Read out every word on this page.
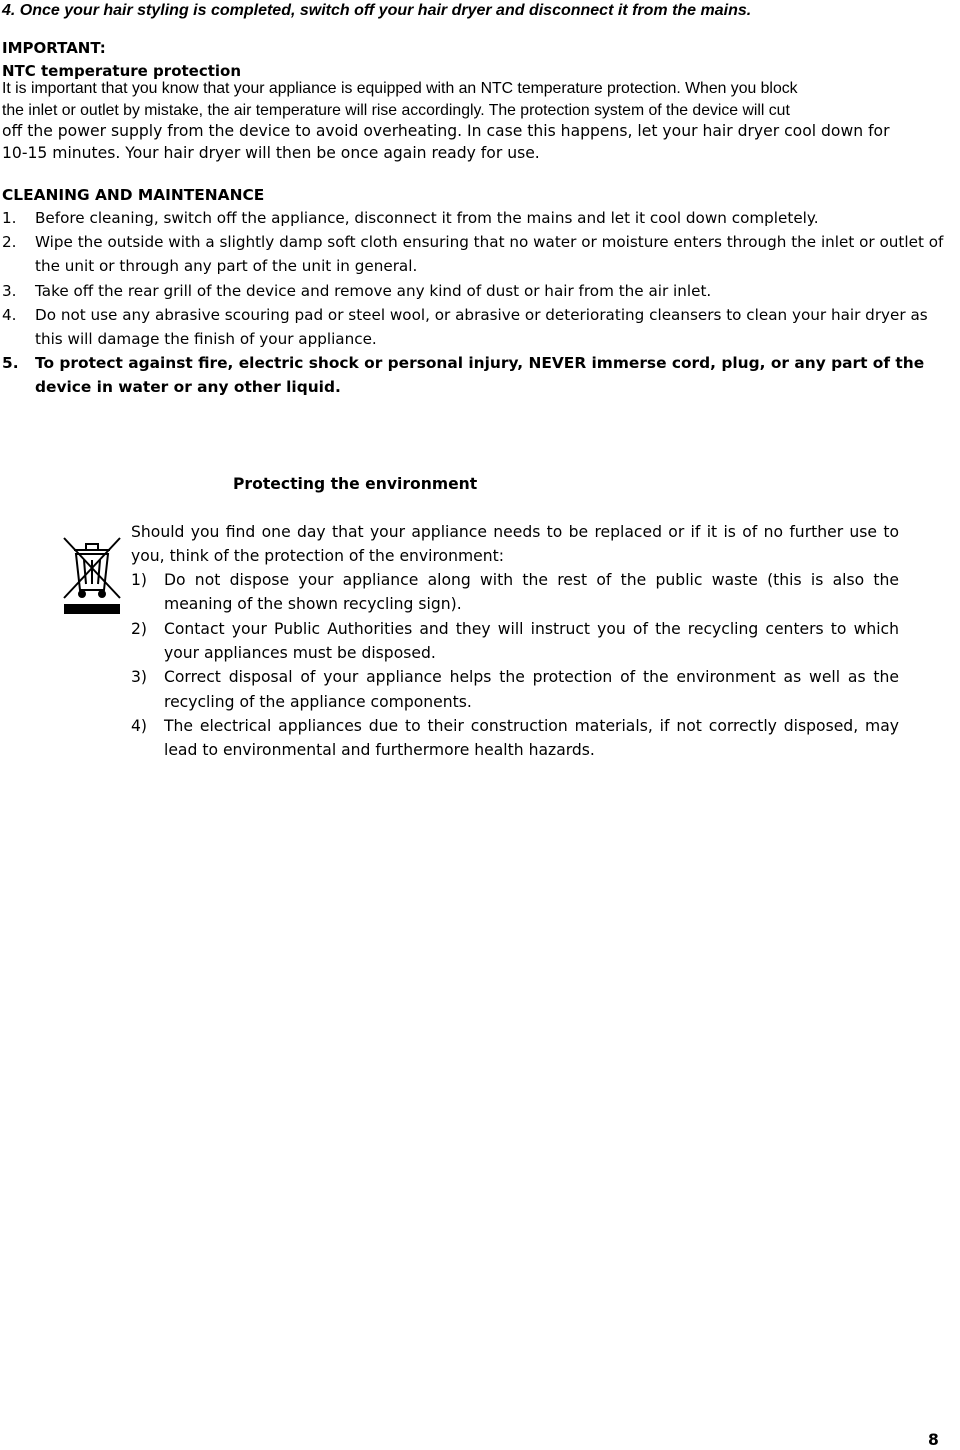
4. Once your hair styling is completed, switch off your hair dryer and disconnect it from the mains.
IMPORTANT:
NTC temperature protection
It is important that you know that your appliance is equipped with an NTC temperature protection. When you block
the inlet or outlet by mistake, the air temperature will rise accordingly. The protection system of the device will cut
off the power supply from the device to avoid overheating. In case this happens, let your hair dryer cool down for
10-15 minutes. Your hair dryer will then be once again ready for use.
CLEANING AND MAINTENANCE
1. Before cleaning, switch off the appliance, disconnect it from the mains and let it cool down completely.
2. Wipe the outside with a slightly damp soft cloth ensuring that no water or moisture enters through the inlet or outlet of the unit or through any part of the unit in general.
3. Take off the rear grill of the device and remove any kind of dust or hair from the air inlet.
4. Do not use any abrasive scouring pad or steel wool, or abrasive or deteriorating cleansers to clean your hair dryer as this will damage the finish of your appliance.
5. To protect against fire, electric shock or personal injury, NEVER immerse cord, plug, or any part of the device in water or any other liquid.
Protecting the environment
Should you find one day that your appliance needs to be replaced or if it is of no further use to you, think of the protection of the environment:
1) Do not dispose your appliance along with the rest of the public waste (this is also the meaning of the shown recycling sign).
2) Contact your Public Authorities and they will instruct you of the recycling centers to which your appliances must be disposed.
3) Correct disposal of your appliance helps the protection of the environment as well as the recycling of the appliance components.
4) The electrical appliances due to their construction materials, if not correctly disposed, may lead to environmental and furthermore health hazards.
8
